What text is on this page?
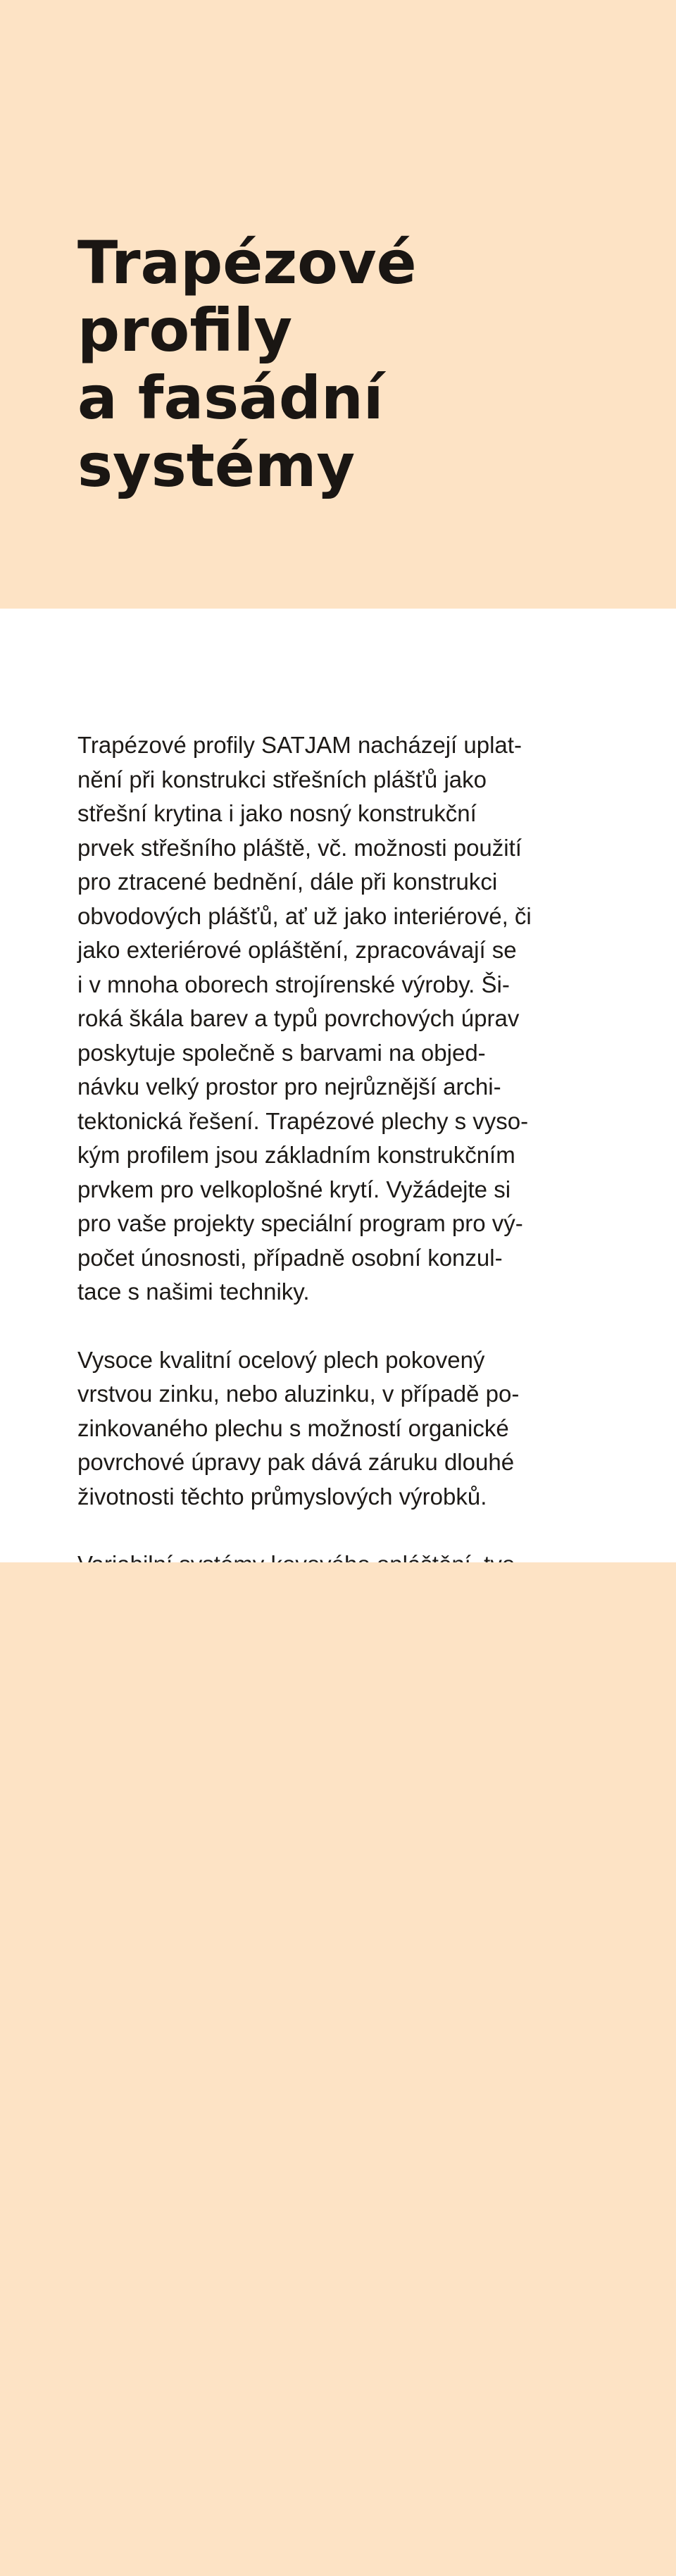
Trapézové
profily
a fasádní
systémy

Trapézové profily SATJAM nacházejí uplat-
nění při konstrukci střešních plášťů jako
střešní krytina i jako nosný konstrukční
prvek střešního pláště, vč. možnosti použití
pro ztracené bednění, dále při konstrukci
obvodových plášťů, ať už jako interiérové, či
jako exteriérové opláštění, zpracovávají se
i v mnoha oborech strojírenské výroby. Ši-
roká škála barev a typů povrchových úprav
poskytuje společně s barvami na objed-
návku velký prostor pro nejrůznější archi-
tektonická řešení. Trapézové plechy s vyso-
kým profilem jsou základním konstrukčním
prvkem pro velkoplošné krytí. Vyžádejte si
pro vaše projekty speciální program pro vý-
počet únosnosti, případně osobní konzul-
tace s našimi techniky.

Vysoce kvalitní ocelový plech pokovený
vrstvou zinku, nebo aluzinku, v případě po-
zinkovaného plechu s možností organické
povrchové úpravy pak dává záruku dlouhé
životnosti těchto průmyslových výrobků.
